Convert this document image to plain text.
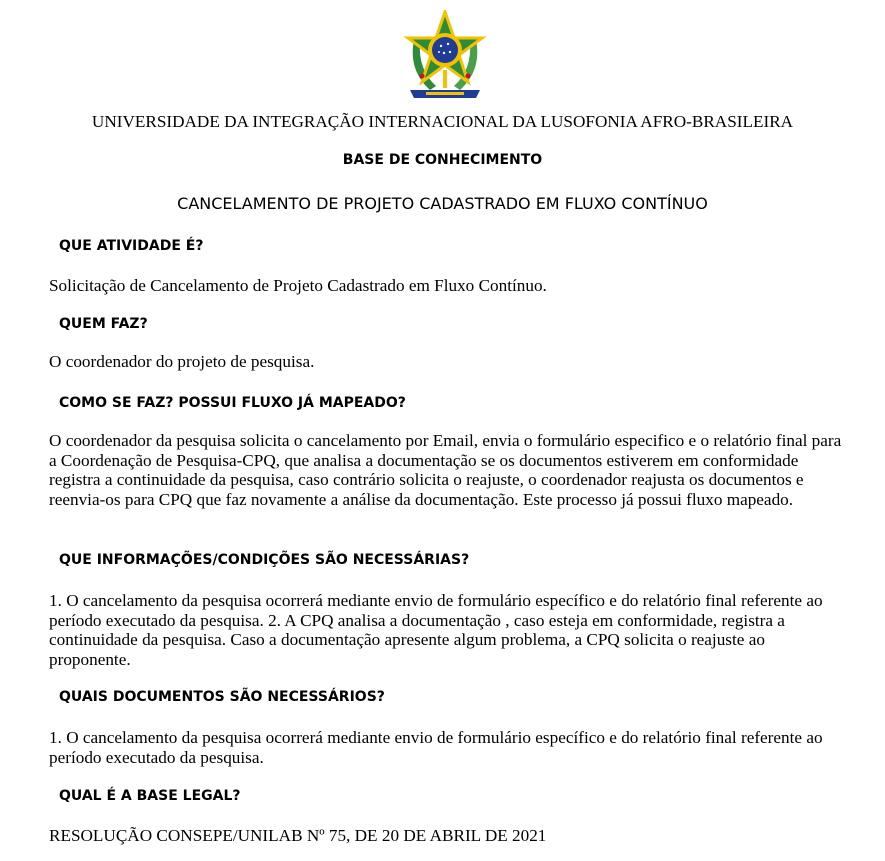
UNIVERSIDADE DA INTEGRAÇÃO INTERNACIONAL DA LUSOFONIA AFRO-BRASILEIRA

BASE DE CONHECIMENTO

CANCELAMENTO DE PROJETO CADASTRADO EM FLUXO CONTÍNUO

QUE ATIVIDADE É?

Solicitação de Cancelamento de Projeto Cadastrado em Fluxo Contínuo.

QUEM FAZ?

O coordenador do projeto de pesquisa.

COMO SE FAZ? POSSUI FLUXO JÁ MAPEADO?

O coordenador da pesquisa solicita o cancelamento por Email, envia o formulário especifico e o relatório final para a Coordenação de Pesquisa-CPQ, que analisa a documentação se os documentos estiverem em conformidade registra a continuidade da pesquisa, caso contrário solicita o reajuste, o coordenador reajusta os documentos e reenvia-os para CPQ que faz novamente a análise da documentação. Este processo já possui fluxo mapeado.

QUE INFORMAÇÕES/CONDIÇÕES SÃO NECESSÁRIAS?

1. O cancelamento da pesquisa ocorrerá mediante envio de formulário específico e do relatório final referente ao período executado da pesquisa. 2. A CPQ analisa a documentação , caso esteja em conformidade, registra a continuidade da pesquisa. Caso a documentação apresente algum problema, a CPQ solicita o reajuste ao proponente.

QUAIS DOCUMENTOS SÃO NECESSÁRIOS?

1. O cancelamento da pesquisa ocorrerá mediante envio de formulário específico e do relatório final referente ao período executado da pesquisa.

QUAL É A BASE LEGAL?

RESOLUÇÃO CONSEPE/UNILAB Nº 75, DE 20 DE ABRIL DE 2021
